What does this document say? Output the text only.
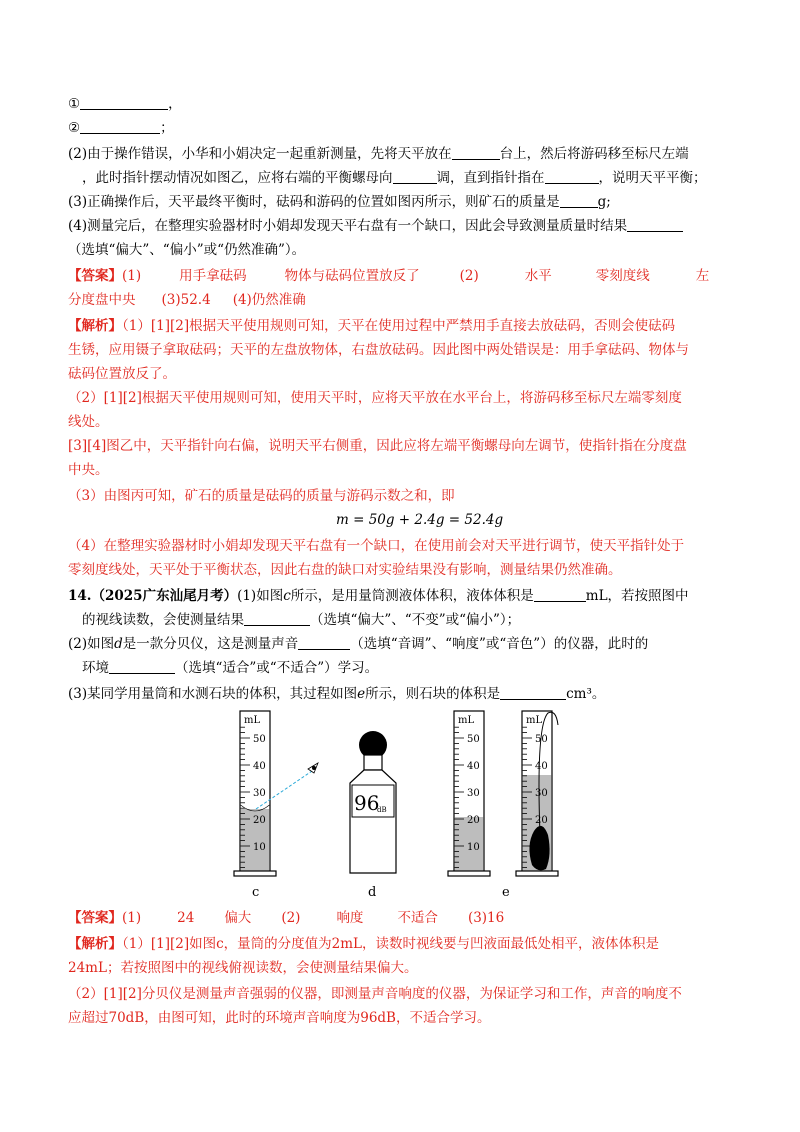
①	，
②	；
(2)由于操作错误，小华和小娟决定一起重新测量，先将天平放在	台上，然后将游码移至标尺左端
，此时指针摆动情况如图乙，应将右端的平衡螺母向	调，直到指针指在	，说明天平平衡；
(3)正确操作后，天平最终平衡时，砝码和游码的位置如图丙所示，则矿石的质量是	g;
(4)测量完后，在整理实验器材时小娟却发现天平右盘有一个缺口，因此会导致测量质量时结果
（选填“偏大”、“偏小”或“仍然准确”）。
【答案】(1)	用手拿砝码	物体与砝码位置放反了	(2)	水平	零刻度线	左
分度盘中央 (3)52.4 (4)仍然准确
【解析】（1）[1][2]根据天平使用规则可知，天平在使用过程中严禁用手直接去放砝码，否则会使砝码
生锈，应用镊子拿取砝码；天平的左盘放物体，右盘放砝码。因此图中两处错误是：用手拿砝码、物体与
砝码位置放反了。
（2）[1][2]根据天平使用规则可知，使用天平时，应将天平放在水平台上，将游码移至标尺左端零刻度
线处。
[3][4]图乙中，天平指针向右偏，说明天平右侧重，因此应将左端平衡螺母向左调节，使指针指在分度盘
中央。
（3）由图丙可知，矿石的质量是砝码的质量与游码示数之和，即
m = 50g + 2.4g = 52.4g
（4）在整理实验器材时小娟却发现天平右盘有一个缺口，在使用前会对天平进行调节，使天平指针处于
零刻度线处，天平处于平衡状态，因此右盘的缺口对实验结果没有影响，测量结果仍然准确。
14.（2025广东汕尾月考）(1)如图c所示，是用量筒测液体体积，液体体积是	mL，若按照图中
的视线读数，会使测量结果	（选填“偏大”、“不变”或“偏小”）；
(2)如图d是一款分贝仪，这是测量声音	（选填“音调”、“响度”或“音色”）的仪器，此时的
环境	（选填“适合”或“不适合”）学习。
(3)某同学用量筒和水测石块的体积，其过程如图e所示，则石块的体积是	cm³。
mL
50
40
30
20
10
96
dB
mL
50
40
30
20
10
mL
50
40
30
20
c	d	e
【答案】(1)	24 偏大 (2)	响度	不适合 (3)16
【解析】（1）[1][2]如图c，量筒的分度值为2mL，读数时视线要与凹液面最低处相平，液体体积是
24mL；若按照图中的视线俯视读数，会使测量结果偏大。
（2）[1][2]分贝仪是测量声音强弱的仪器，即测量声音响度的仪器，为保证学习和工作，声音的响度不
应超过70dB，由图可知，此时的环境声音响度为96dB，不适合学习。
